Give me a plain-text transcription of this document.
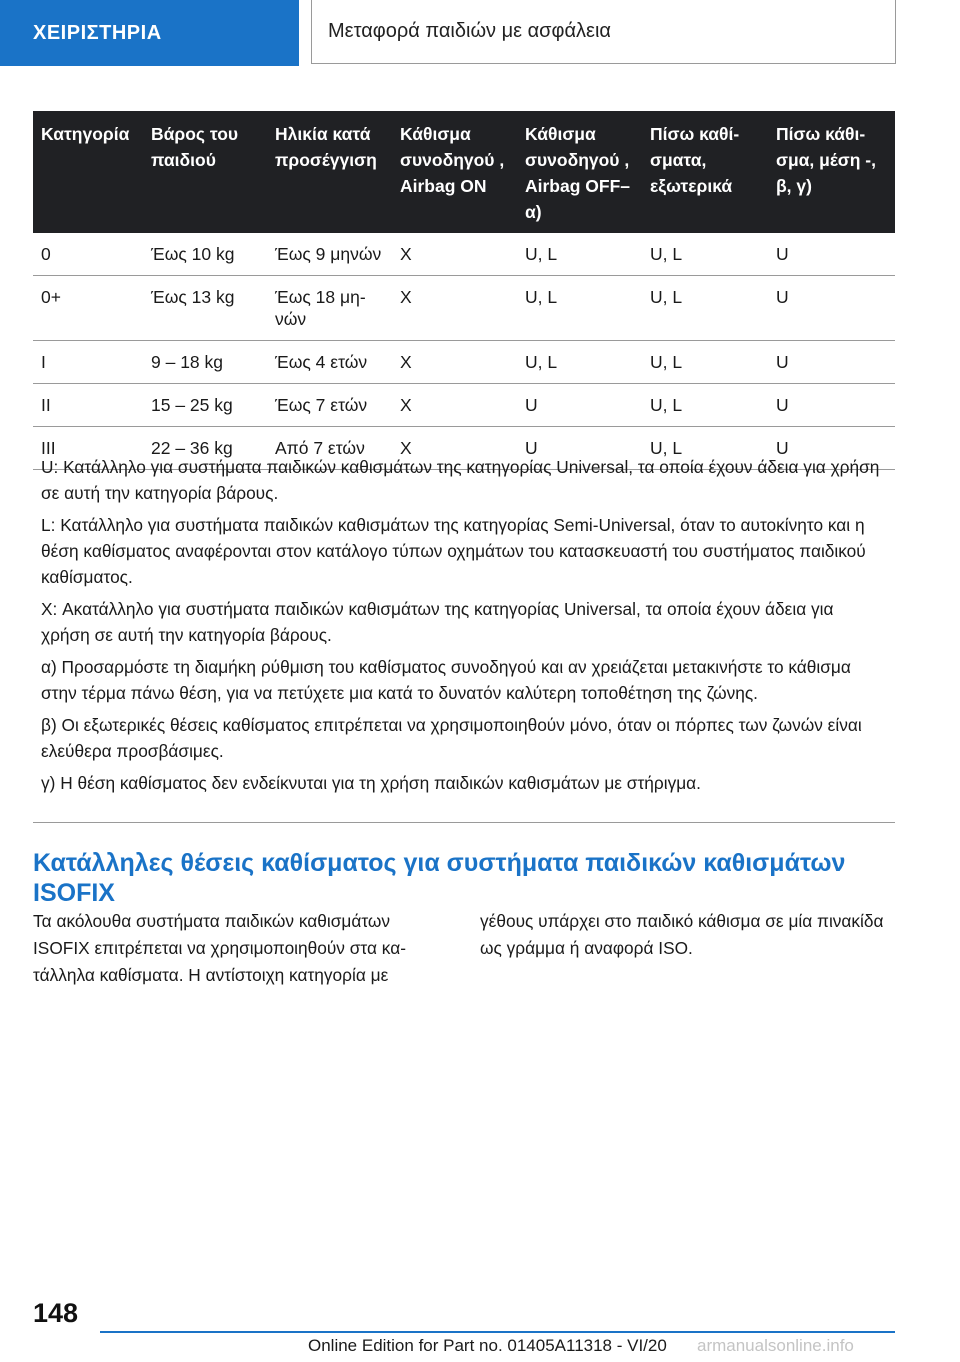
ΧΕΙΡΙΣΤΗΡΙΑ	Μεταφορά παιδιών με ασφάλεια
Κατηγορία	Βάρος του παιδιού	Ηλικία κατά προσέγγιση	Κάθισμα συνοδηγού , Airbag ON	Κάθισμα συνοδηγού , Airbag OFF– α)	Πίσω καθίσματα, εξωτερικά	Πίσω κάθισμα, μέση -, β, γ)
0	Έως 10 kg	Έως 9 μηνών	X	U, L	U, L	U
0+	Έως 13 kg	Έως 18 μηνών	X	U, L	U, L	U
I	9 – 18 kg	Έως 4 ετών	X	U, L	U, L	U
II	15 – 25 kg	Έως 7 ετών	X	U	U, L	U
III	22 – 36 kg	Από 7 ετών	X	U	U, L	U

U: Κατάλληλο για συστήματα παιδικών καθισμάτων της κατηγορίας Universal, τα οποία έχουν άδεια για χρήση σε αυτή την κατηγορία βάρους.

L: Κατάλληλο για συστήματα παιδικών καθισμάτων της κατηγορίας Semi-Universal, όταν το αυτοκίνητο και η θέση καθίσματος αναφέρονται στον κατάλογο τύπων οχημάτων του κατασκευαστή του συστήματος παιδικού καθίσματος.

X: Ακατάλληλο για συστήματα παιδικών καθισμάτων της κατηγορίας Universal, τα οποία έχουν άδεια για χρήση σε αυτή την κατηγορία βάρους.

α) Προσαρμόστε τη διαμήκη ρύθμιση του καθίσματος συνοδηγού και αν χρειάζεται μετακινήστε το κάθισμα στην τέρμα πάνω θέση, για να πετύχετε μια κατά το δυνατόν καλύτερη τοποθέτηση της ζώνης.

β) Οι εξωτερικές θέσεις καθίσματος επιτρέπεται να χρησιμοποιηθούν μόνο, όταν οι πόρπες των ζωνών είναι ελεύθερα προσβάσιμες.

γ) Η θέση καθίσματος δεν ενδείκνυται για τη χρήση παιδικών καθισμάτων με στήριγμα.

Κατάλληλες θέσεις καθίσματος για συστήματα παιδικών καθισμάτων ISOFIX

Τα ακόλουθα συστήματα παιδικών καθισμάτων ISOFIX επιτρέπεται να χρησιμοποιηθούν στα κατάλληλα καθίσματα. Η αντίστοιχη κατηγορία με

γέθους υπάρχει στο παιδικό κάθισμα σε μία πινακίδα ως γράμμα ή αναφορά ISO.

148
Online Edition for Part no. 01405A11318 - VI/20 armanualsonline.info
